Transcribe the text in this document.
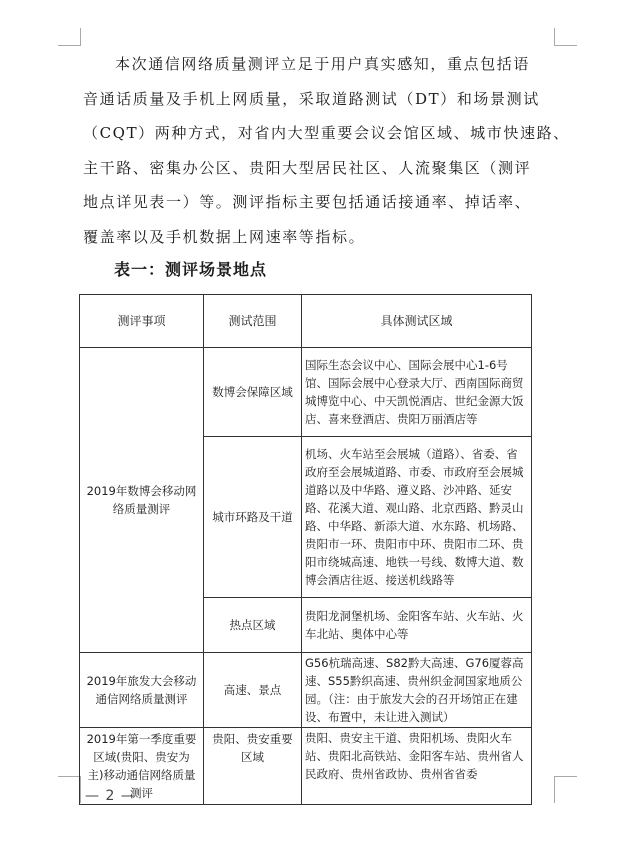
本次通信网络质量测评立足于用户真实感知，重点包括语
音通话质量及手机上网质量，采取道路测试（DT）和场景测试
（CQT）两种方式，对省内大型重要会议会馆区域、城市快速路、
主干路、密集办公区、贵阳大型居民社区、人流聚集区（测评
地点详见表一）等。测评指标主要包括通话接通率、掉话率、
覆盖率以及手机数据上网速率等指标。
表一：测评场景地点
测评事项	测试范围	具体测试区域
2019年数博会移动网络质量测评	数博会保障区域	国际生态会议中心、国际会展中心1-6号馆、国际会展中心登录大厅、西南国际商贸城博览中心、中天凯悦酒店、世纪金源大饭店、喜来登酒店、贵阳万丽酒店等
	城市环路及干道	机场、火车站至会展城（道路）、省委、省政府至会展城道路、市委、市政府至会展城道路以及中华路、遵义路、沙冲路、延安路、花溪大道、观山路、北京西路、黔灵山路、中华路、新添大道、水东路、机场路、贵阳市一环、贵阳市中环、贵阳市二环、贵阳市绕城高速、地铁一号线、数博大道、数博会酒店往返、接送机线路等
	热点区域	贵阳龙洞堡机场、金阳客车站、火车站、火车北站、奥体中心等
2019年旅发大会移动通信网络质量测评	高速、景点	G56杭瑞高速、S82黔大高速、G76厦蓉高速、S55黔织高速、贵州织金洞国家地质公园。（注：由于旅发大会的召开场馆正在建设、布置中，未让进入测试）
2019年第一季度重要区域(贵阳、贵安为主)移动通信网络质量测评	贵阳、贵安重要区域	贵阳、贵安主干道、贵阳机场、贵阳火车站、贵阳北高铁站、金阳客车站、贵州省人民政府、贵州省政协、贵州省省委
— 2 —
